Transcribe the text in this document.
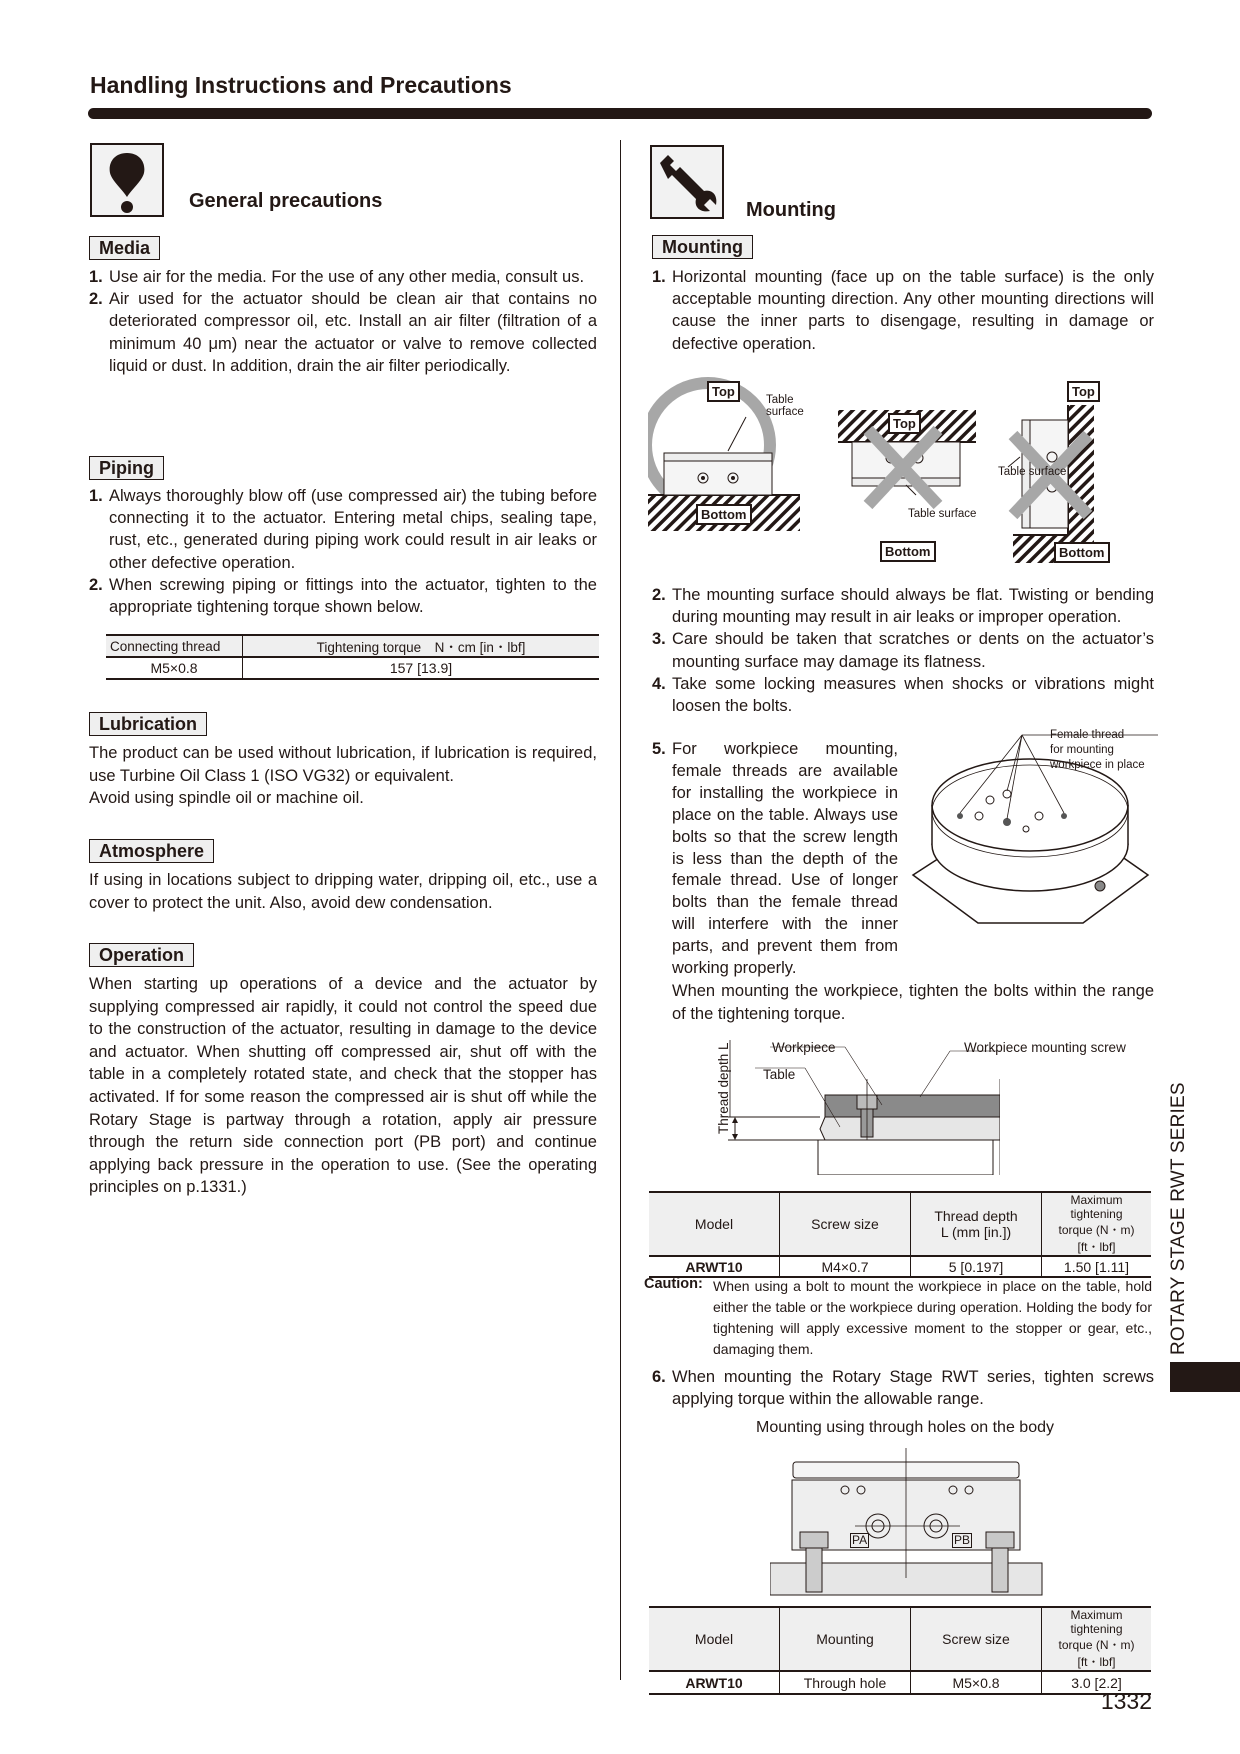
Handling Instructions and Precautions
General precautions
Media
1. Use air for the media. For the use of any other media, consult us.
2. Air used for the actuator should be clean air that contains no deteriorated compressor oil, etc. Install an air filter (filtration of a minimum 40 μm) near the actuator or valve to remove collected liquid or dust. In addition, drain the air filter periodically.
Piping
1. Always thoroughly blow off (use compressed air) the tubing before connecting it to the actuator. Entering metal chips, sealing tape, rust, etc., generated during piping work could result in air leaks or other defective operation.
2. When screwing piping or fittings into the actuator, tighten to the appropriate tightening torque shown below.
Connecting thread	Tightening torque　N・cm [in・lbf]
M5×0.8	157 [13.9]
Lubrication
The product can be used without lubrication, if lubrication is required, use Turbine Oil Class 1 (ISO VG32) or equivalent.
Avoid using spindle oil or machine oil.
Atmosphere
If using in locations subject to dripping water, dripping oil, etc., use a cover to protect the unit. Also, avoid dew condensation.
Operation
When starting up operations of a device and the actuator by supplying compressed air rapidly, it could not control the speed due to the construction of the actuator, resulting in damage to the device and actuator. When shutting off compressed air, shut off with the table in a completely rotated state, and check that the stopper has activated. If for some reason the compressed air is shut off while the Rotary Stage is partway through a rotation, apply air pressure through the return side connection port (PB port) and continue applying back pressure in the operation to use. (See the operating principles on p.1331.)
Mounting
Mounting
1. Horizontal mounting (face up on the table surface) is the only acceptable mounting direction. Any other mounting directions will cause the inner parts to disengage, resulting in damage or defective operation.
Top
Table
surface
Bottom
Top
Table surface
Bottom
Top
Table surface
Bottom
2. The mounting surface should always be flat. Twisting or bending during mounting may result in air leaks or improper operation.
3. Care should be taken that scratches or dents on the actuator’s mounting surface may damage its flatness.
4. Take some locking measures when shocks or vibrations might loosen the bolts.
5. For workpiece mounting, female threads are available for installing the workpiece in place on the table. Always use bolts so that the screw length is less than the depth of the female thread. Use of longer bolts than the female thread will interfere with the inner parts, and prevent them from working properly.
When mounting the workpiece, tighten the bolts within the range of the tightening torque.
Female thread
for mounting
workpiece in place
Thread depth L	Workpiece
Table
Workpiece mounting screw
Model	Screw size	Thread depth
L (mm [in.])	Maximum tightening
torque (N・m) [ft・lbf]
ARWT10	M4×0.7	5 [0.197]	1.50 [1.11]
Caution: When using a bolt to mount the workpiece in place on the table, hold either the table or the workpiece during operation. Holding the body for tightening will apply excessive moment to the stopper or gear, etc., damaging them.
6. When mounting the Rotary Stage RWT series, tighten screws applying torque within the allowable range.
Mounting using through holes on the body
PA	PB
Model	Mounting	Screw size	Maximum tightening
torque (N・m) [ft・lbf]
ARWT10	Through hole	M5×0.8	3.0 [2.2]
ROTARY STAGE RWT SERIES
1332
